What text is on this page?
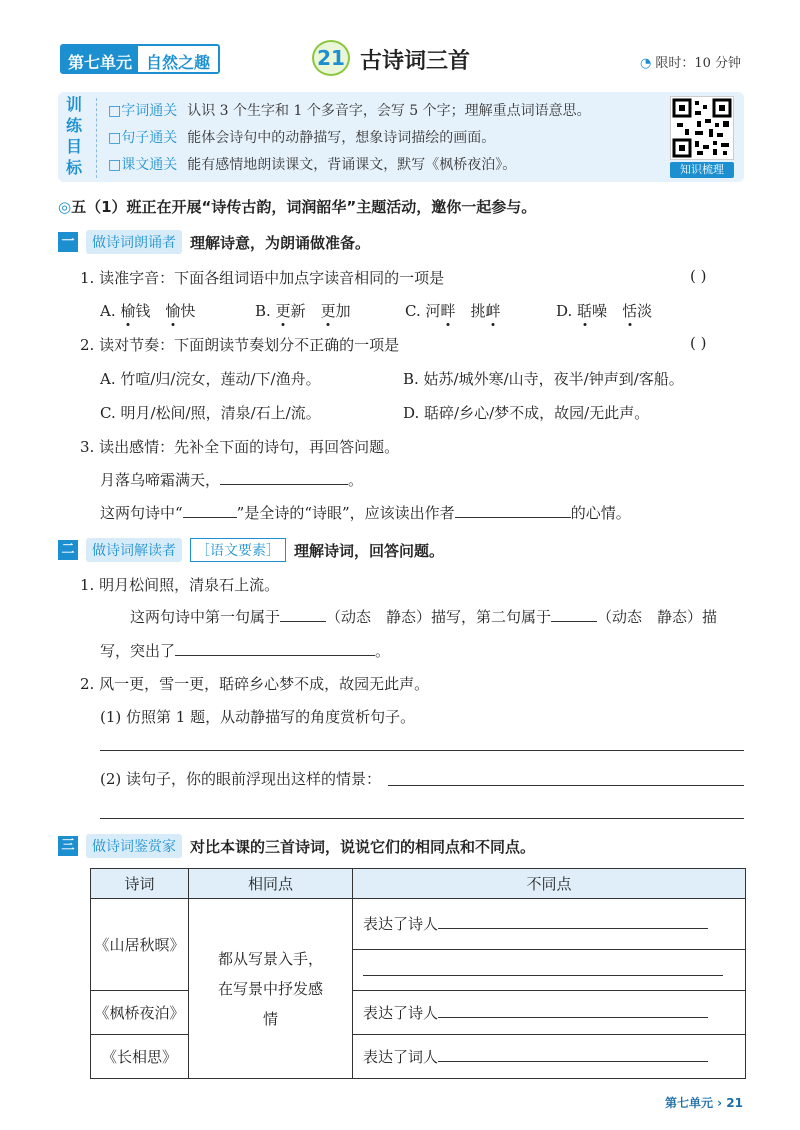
第七单元 自然之趣	21 古诗词三首	◔ 限时：10 分钟
训练目标
□字词通关 认识 3 个生字和 1 个多音字，会写 5 个字；理解重点词语意思。
□句子通关 能体会诗句中的动静描写，想象诗词描绘的画面。
□课文通关 能有感情地朗读课文，背诵课文，默写《枫桥夜泊》。	知识梳理
◎五（1）班正在开展“诗传古韵，词润韶华”主题活动，邀你一起参与。
一	做诗词朗诵者 理解诗意，为朗诵做准备。
1. 读准字音：下面各组词语中加点字读音相同的一项是	( )
A. 榆钱　愉快	B. 更新　更加	C. 河畔　挑衅	D. 聒噪　恬淡
2. 读对节奏：下面朗读节奏划分不正确的一项是	( )
A. 竹喧/归/浣女，莲动/下/渔舟。	B. 姑苏/城外寒/山寺，夜半/钟声到/客船。
C. 明月/松间/照，清泉/石上/流。	D. 聒碎/乡心/梦不成，故园/无此声。
3. 读出感情：先补全下面的诗句，再回答问题。
月落乌啼霜满天，	。
这两句诗中“	”是全诗的“诗眼”，应该读出作者	的心情。
二	做诗词解读者	［语文要素］ 理解诗词，回答问题。
1. 明月松间照，清泉石上流。
这两句诗中第一句属于	（动态　静态）描写，第二句属于	（动态　静态）描
写，突出了	。
2. 风一更，雪一更，聒碎乡心梦不成，故园无此声。
(1) 仿照第 1 题，从动静描写的角度赏析句子。
(2) 读句子，你的眼前浮现出这样的情景：
三	做诗词鉴赏家 对比本课的三首诗词，说说它们的相同点和不同点。
诗词	相同点	不同点
《山居秋暝》	都从写景入手，在写景中抒发感情	表达了诗人

《枫桥夜泊》		表达了诗人
《长相思》		表达了词人
第七单元 › 21
